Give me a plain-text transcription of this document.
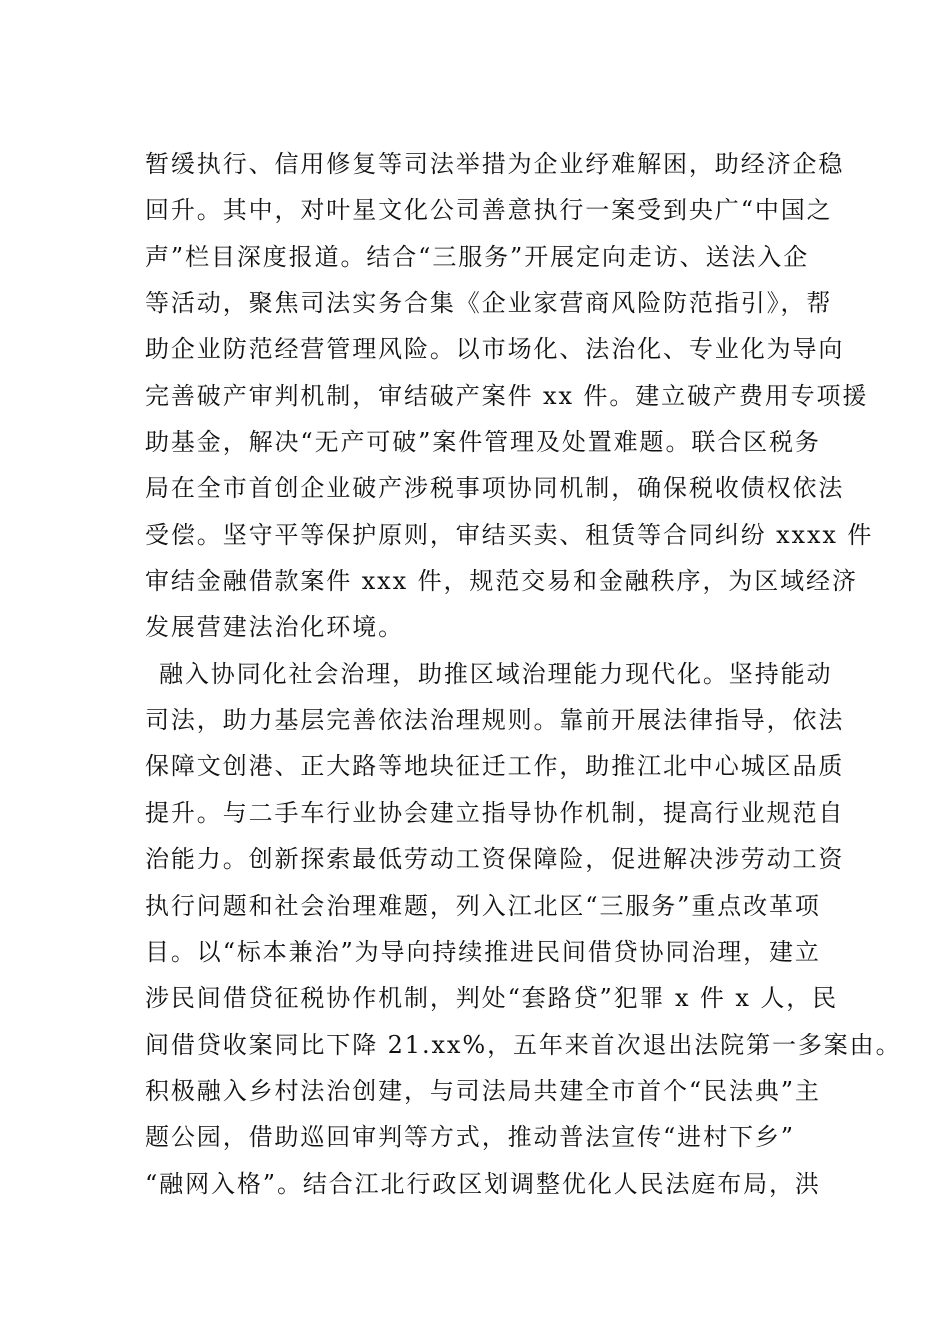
暂缓执行、信用修复等司法举措为企业纾难解困，助经济企稳
回升。其中，对叶星文化公司善意执行一案受到央广“中国之
声”栏目深度报道。结合“三服务”开展定向走访、送法入企
等活动，聚焦司法实务合集《企业家营商风险防范指引》，帮
助企业防范经营管理风险。以市场化、法治化、专业化为导向
完善破产审判机制，审结破产案件 xx 件。建立破产费用专项援
助基金，解决“无产可破”案件管理及处置难题。联合区税务
局在全市首创企业破产涉税事项协同机制，确保税收债权依法
受偿。坚守平等保护原则，审结买卖、租赁等合同纠纷 xxxx 件
审结金融借款案件 xxx 件，规范交易和金融秩序，为区域经济
发展营建法治化环境。
融入协同化社会治理，助推区域治理能力现代化。坚持能动
司法，助力基层完善依法治理规则。靠前开展法律指导，依法
保障文创港、正大路等地块征迁工作，助推江北中心城区品质
提升。与二手车行业协会建立指导协作机制，提高行业规范自
治能力。创新探索最低劳动工资保障险，促进解决涉劳动工资
执行问题和社会治理难题，列入江北区“三服务”重点改革项
目。以“标本兼治”为导向持续推进民间借贷协同治理，建立
涉民间借贷征税协作机制，判处“套路贷”犯罪 x 件 x 人，民
间借贷收案同比下降 21.xx%，五年来首次退出法院第一多案由。
积极融入乡村法治创建，与司法局共建全市首个“民法典”主
题公园，借助巡回审判等方式，推动普法宣传“进村下乡”
“融网入格”。结合江北行政区划调整优化人民法庭布局，洪
